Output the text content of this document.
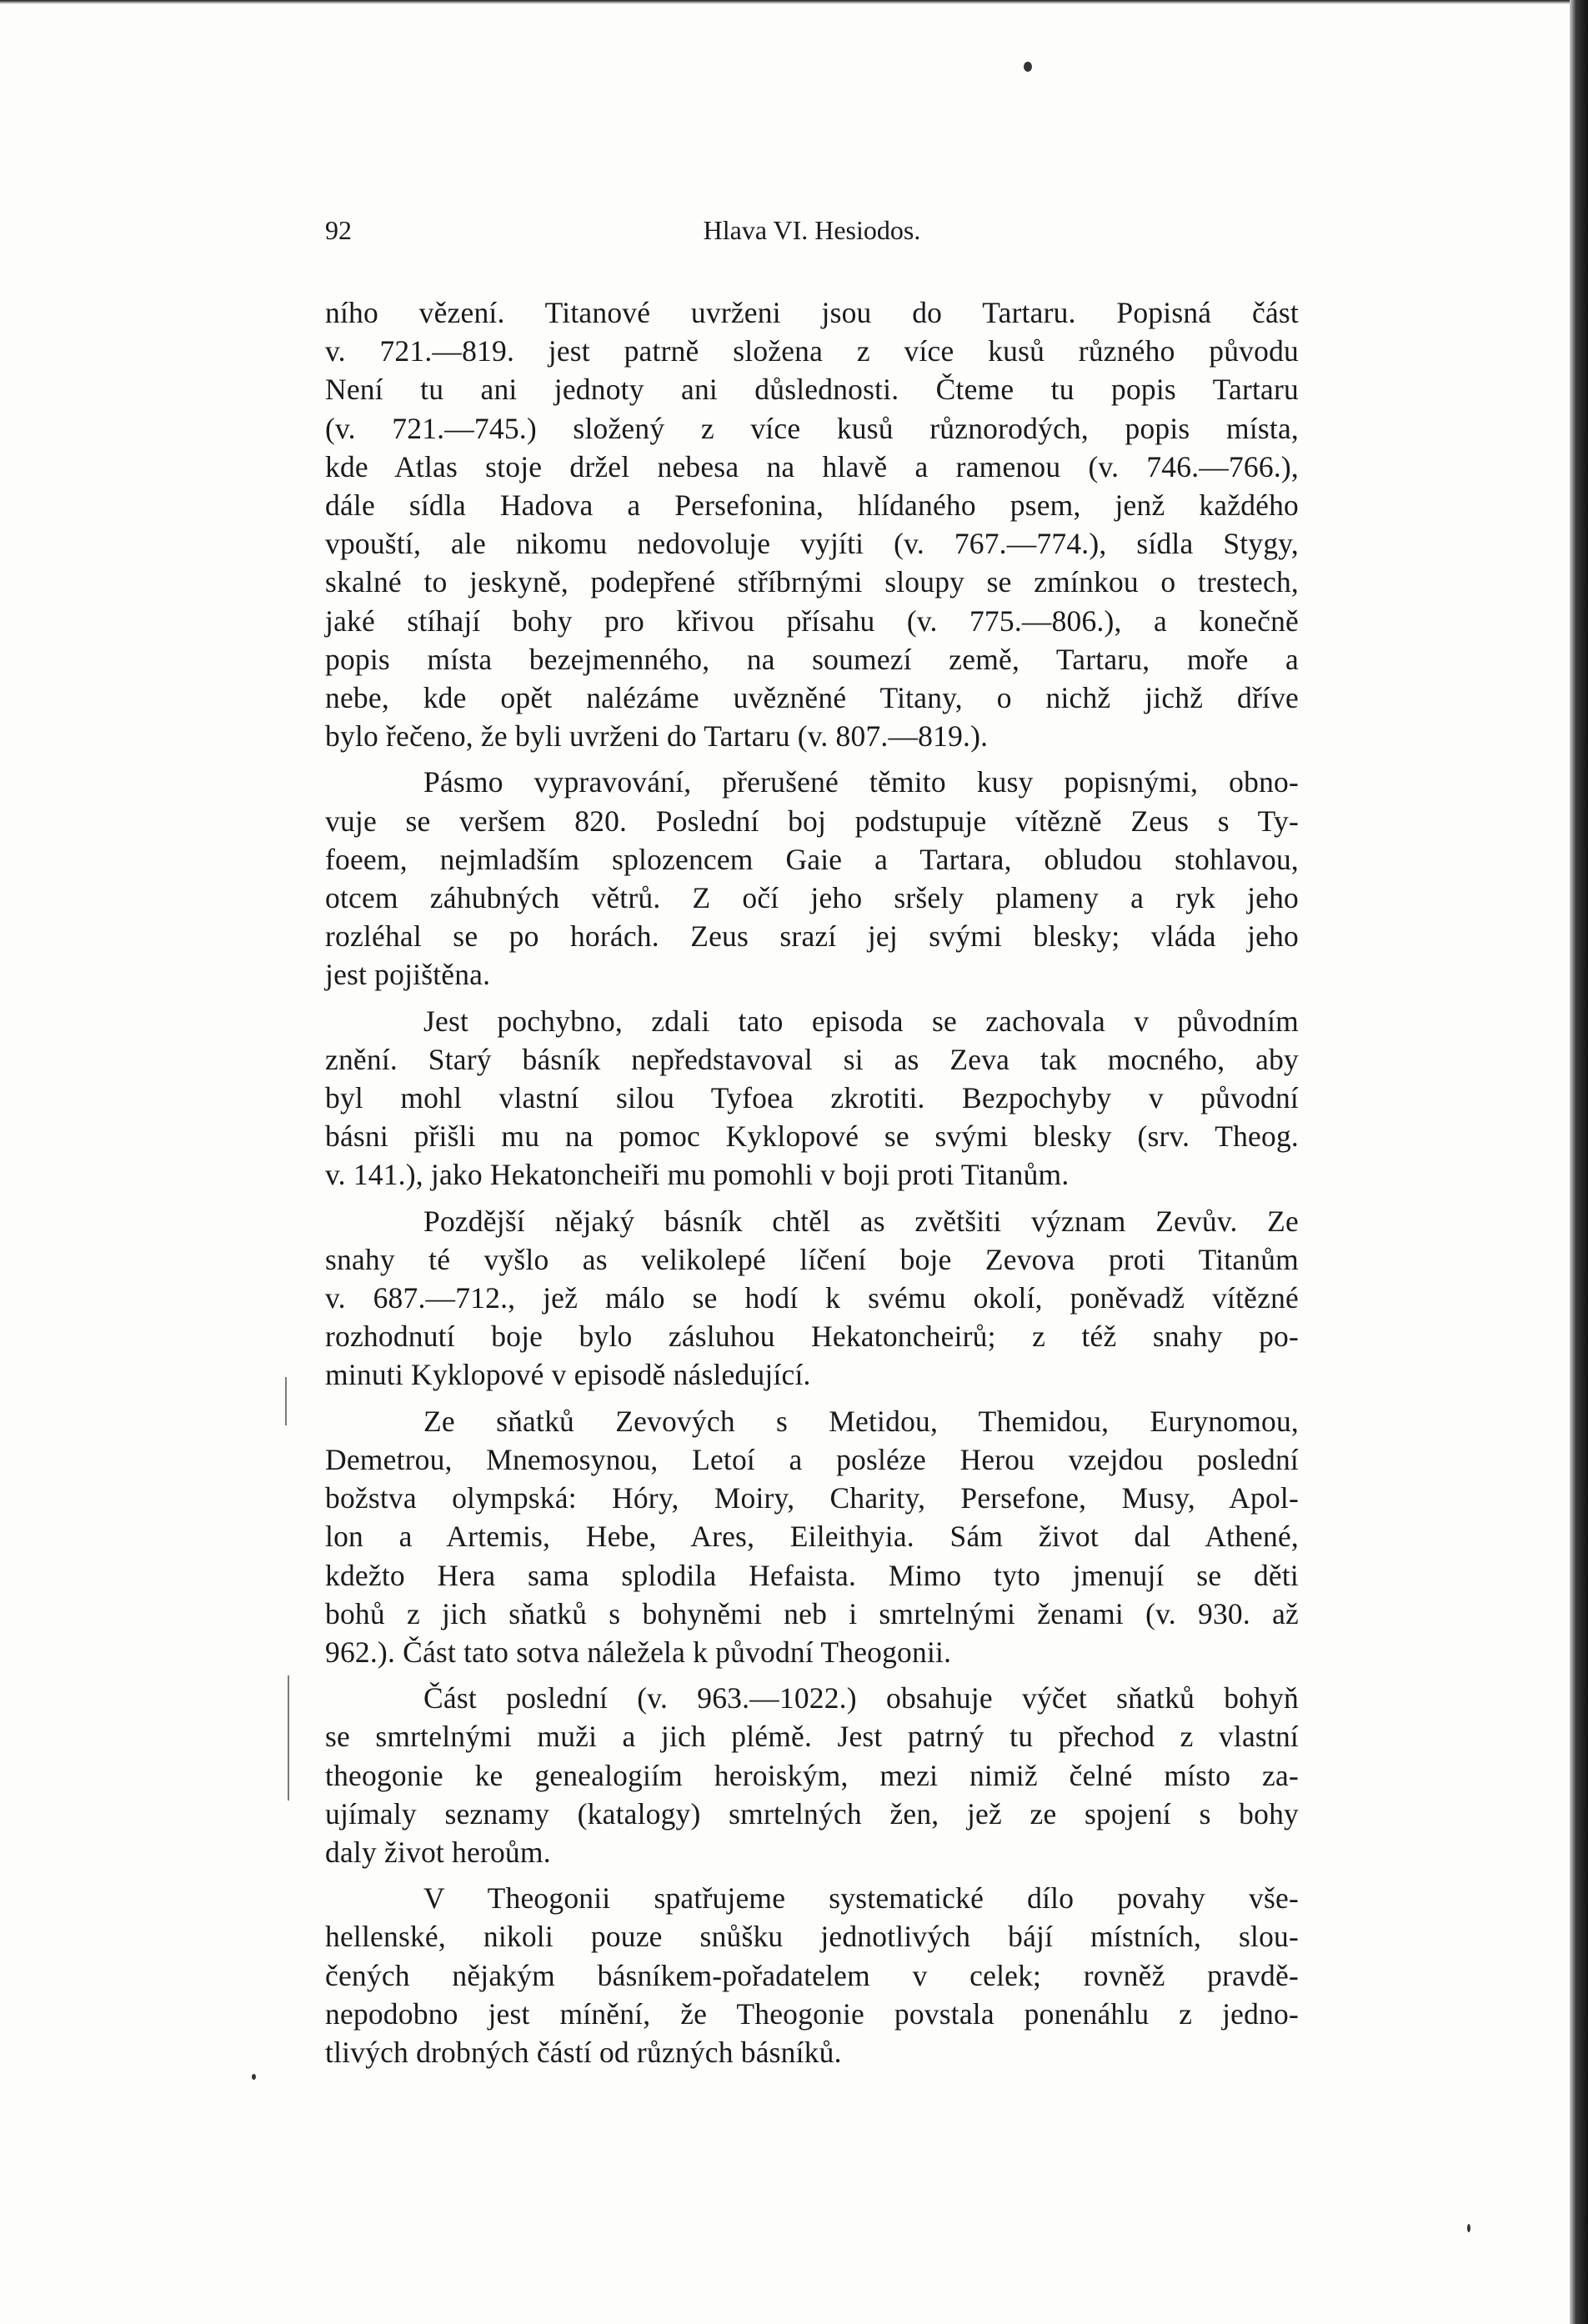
92	Hlava VI. Hesiodos.
ního vězení. Titanové uvrženi jsou do Tartaru. Popisná část
v. 721.—819. jest patrně složena z více kusů různého původu
Není tu ani jednoty ani důslednosti. Čteme tu popis Tartaru
(v. 721.—745.) složený z více kusů různorodých, popis místa,
kde Atlas stoje držel nebesa na hlavě a ramenou (v. 746.—766.),
dále sídla Hadova a Persefonina, hlídaného psem, jenž každého
vpouští, ale nikomu nedovoluje vyjíti (v. 767.—774.), sídla Stygy,
skalné to jeskyně, podepřené stříbrnými sloupy se zmínkou o trestech,
jaké stíhají bohy pro křivou přísahu (v. 775.—806.), a konečně
popis místa bezejmenného, na soumezí země, Tartaru, moře a
nebe, kde opět nalézáme uvězněné Titany, o nichž jichž dříve
bylo řečeno, že byli uvrženi do Tartaru (v. 807.—819.).
Pásmo vypravování, přerušené těmito kusy popisnými, obno-
vuje se veršem 820. Poslední boj podstupuje vítězně Zeus s Ty-
foeem, nejmladším splozencem Gaie a Tartara, obludou stohlavou,
otcem záhubných větrů. Z očí jeho sršely plameny a ryk jeho
rozléhal se po horách. Zeus srazí jej svými blesky; vláda jeho
jest pojištěna.
Jest pochybno, zdali tato episoda se zachovala v původním
znění. Starý básník nepředstavoval si as Zeva tak mocného, aby
byl mohl vlastní silou Tyfoea zkrotiti. Bezpochyby v původní
básni přišli mu na pomoc Kyklopové se svými blesky (srv. Theog.
v. 141.), jako Hekatoncheiři mu pomohli v boji proti Titanům.
Pozdější nějaký básník chtěl as zvětšiti význam Zevův. Ze
snahy té vyšlo as velikolepé líčení boje Zevova proti Titanům
v. 687.—712., jež málo se hodí k svému okolí, poněvadž vítězné
rozhodnutí boje bylo zásluhou Hekatoncheirů; z též snahy po-
minuti Kyklopové v episodě následující.
Ze sňatků Zevových s Metidou, Themidou, Eurynomou,
Demetrou, Mnemosynou, Letoí a posléze Herou vzejdou poslední
božstva olympská: Hóry, Moiry, Charity, Persefone, Musy, Apol-
lon a Artemis, Hebe, Ares, Eileithyia. Sám život dal Athené,
kdežto Hera sama splodila Hefaista. Mimo tyto jmenují se děti
bohů z jich sňatků s bohyněmi neb i smrtelnými ženami (v. 930. až
962.). Část tato sotva náležela k původní Theogonii.
Část poslední (v. 963.—1022.) obsahuje výčet sňatků bohyň
se smrtelnými muži a jich plémě. Jest patrný tu přechod z vlastní
theogonie ke genealogiím heroiským, mezi nimiž čelné místo za-
ujímaly seznamy (katalogy) smrtelných žen, jež ze spojení s bohy
daly život heroům.
V Theogonii spatřujeme systematické dílo povahy vše-
hellenské, nikoli pouze snůšku jednotlivých bájí místních, slou-
čených nějakým básníkem-pořadatelem v celek; rovněž pravdě-
nepodobno jest mínění, že Theogonie povstala ponenáhlu z jedno-
tlivých drobných částí od různých básníků.
